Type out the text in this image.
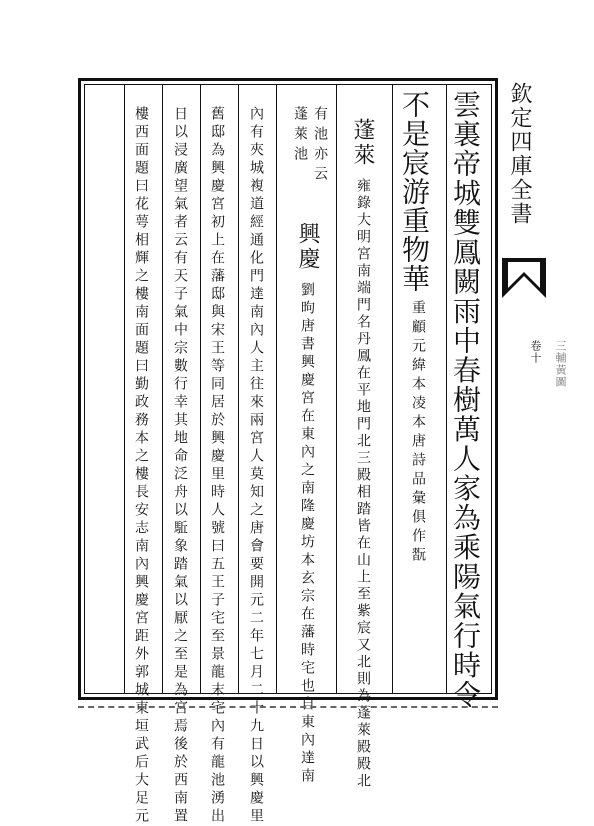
欽定四庫全書
卷十 三輔黃圖
雲裏帝城雙鳳闕雨中春樹萬人家為乘陽氣行時令
不是宸游重物華
重顧元緯本凌本唐詩品彙俱作翫
蓬萊
雍錄大明宮南端門名丹鳳在平地門北三殿相踏皆在山上至紫宸又北則為蓬萊殿殿北
有池亦云
蓬萊池
興慶
劉昫唐書興慶宮在東內之南隆慶坊本玄宗在藩時宅也自東內達南
內有夾城複道經通化門達南內人主往來兩宮人莫知之唐會要開元二年七月二十九日以興慶里
舊邸為興慶宮初上在藩邸與宋王等同居於興慶里時人號曰五王子宅至景龍末宅內有龍池湧出
日以浸廣望氣者云有天子氣中宗數行幸其地命泛舟以駈象踏氣以厭之至是為宮焉後於西南置
樓西面題曰花萼相輝之樓南面題曰勤政務本之樓長安志南內興慶宮距外郭城東垣武后大足元
